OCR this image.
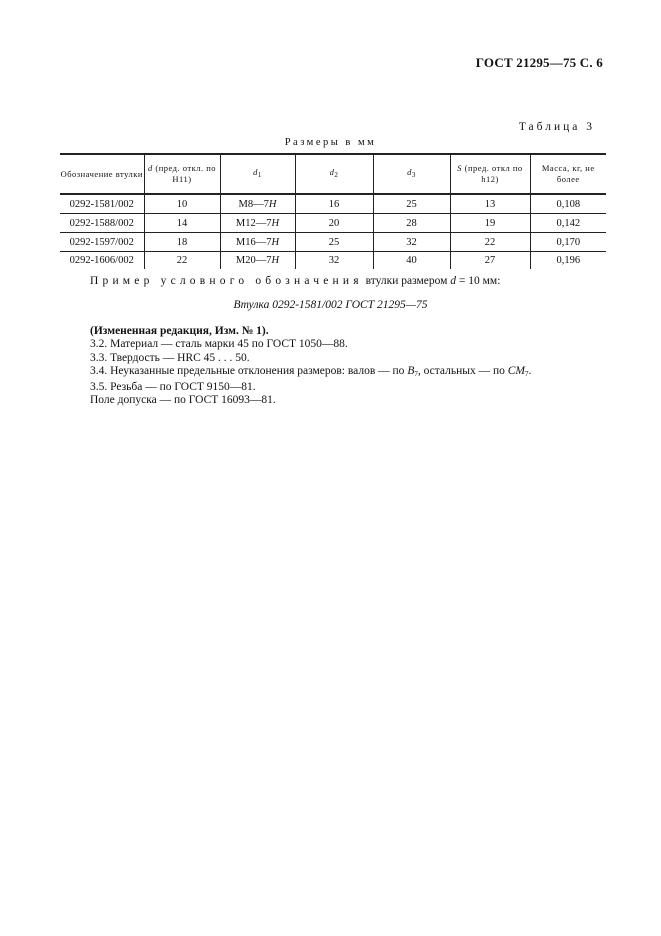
ГОСТ 21295—75 С. 6
Таблица 3
Размеры в мм
Обозначение втулки	d (пред. откл. по H11)	$d_1$	$d_2$	$d_3$	S (пред. откл по h12)	Масса, кг, не более
0292-1581/002	10	M8—7H	16	25	13	0,108
0292-1588/002	14	M12—7H	20	28	19	0,142
0292-1597/002	18	M16—7H	25	32	22	0,170
0292-1606/002	22	M20—7H	32	40	27	0,196
Пример условного обозначения втулки размером d = 10 мм:
Втулка 0292-1581/002 ГОСТ 21295—75
(Измененная редакция, Изм. № 1).
3.2. Материал — сталь марки 45 по ГОСТ 1050—88.
3.3. Твердость — HRC 45 . . . 50.
3.4. Неуказанные предельные отклонения размеров: валов — по $B_7$, остальных — по $CM_7$.
3.5. Резьба — по ГОСТ 9150—81.
Поле допуска — по ГОСТ 16093—81.
